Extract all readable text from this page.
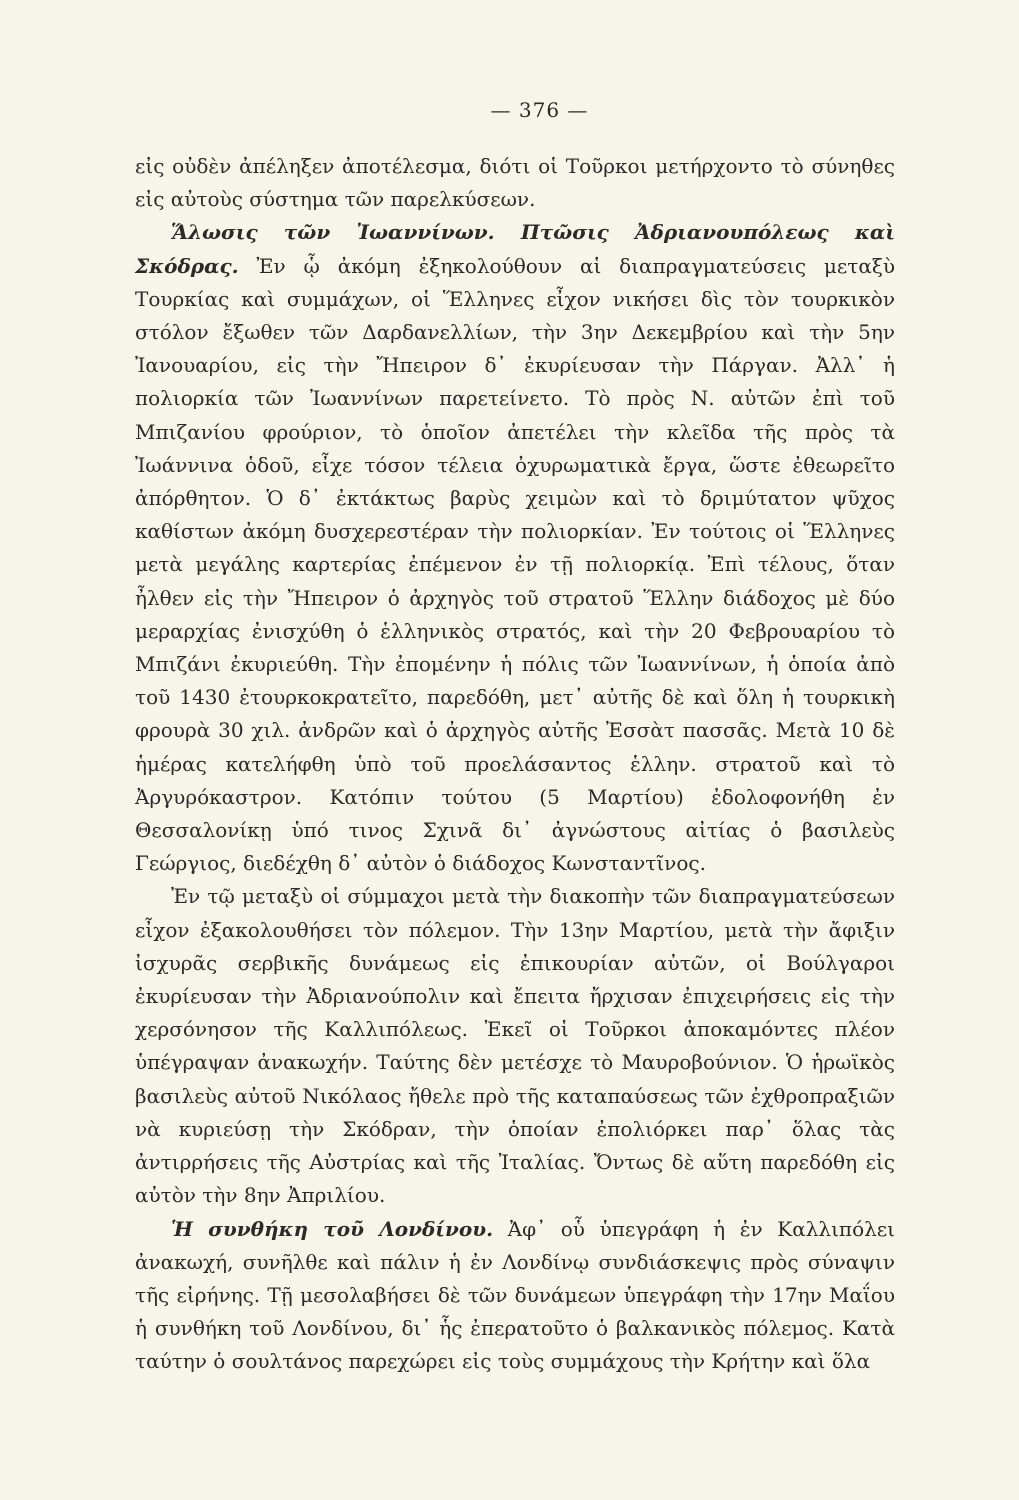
— 376 —

εἰς οὐδὲν ἀπέληξεν ἀποτέλεσμα, διότι οἱ Τοῦρκοι μετήρχοντο τὸ σύνηθες εἰς αὐτοὺς σύστημα τῶν παρελκύσεων.

Ἅλωσις τῶν Ἰωαννίνων. Πτῶσις Ἀδριανουπόλεως καὶ Σκόδρας. Ἐν ᾧ ἀκόμη ἐξηκολούθουν αἱ διαπραγματεύσεις μεταξὺ Τουρκίας καὶ συμμάχων, οἱ Ἕλληνες εἶχον νικήσει δὶς τὸν τουρκικὸν στόλον ἔξωθεν τῶν Δαρδανελλίων, τὴν 3ην Δεκεμβρίου καὶ τὴν 5ην Ἰανουαρίου, εἰς τὴν Ἤπειρον δ᾽ ἐκυρίευσαν τὴν Πάργαν. Ἀλλ᾽ ἡ πολιορκία τῶν Ἰωαννίνων παρετείνετο. Τὸ πρὸς Ν. αὐτῶν ἐπὶ τοῦ Μπιζανίου φρούριον, τὸ ὁποῖον ἀπετέλει τὴν κλεῖδα τῆς πρὸς τὰ Ἰωάννινα ὁδοῦ, εἶχε τόσον τέλεια ὀχυρωματικὰ ἔργα, ὥστε ἐθεωρεῖτο ἀπόρθητον. Ὁ δ᾽ ἐκτάκτως βαρὺς χειμὼν καὶ τὸ δριμύτατον ψῦχος καθίστων ἀκόμη δυσχερεστέραν τὴν πολιορκίαν. Ἐν τούτοις οἱ Ἕλληνες μετὰ μεγάλης καρτερίας ἐπέμενον ἐν τῇ πολιορκίᾳ. Ἐπὶ τέλους, ὅταν ἦλθεν εἰς τὴν Ἤπειρον ὁ ἀρχηγὸς τοῦ στρατοῦ Ἕλλην διάδοχος μὲ δύο μεραρχίας ἐνισχύθη ὁ ἑλληνικὸς στρατός, καὶ τὴν 20 Φεβρουαρίου τὸ Μπιζάνι ἐκυριεύθη. Τὴν ἐπομένην ἡ πόλις τῶν Ἰωαννίνων, ἡ ὁποία ἀπὸ τοῦ 1430 ἐτουρκοκρατεῖτο, παρεδόθη, μετ᾽ αὐτῆς δὲ καὶ ὅλη ἡ τουρκικὴ φρουρὰ 30 χιλ. ἀνδρῶν καὶ ὁ ἀρχηγὸς αὐτῆς Ἐσσὰτ πασσᾶς. Μετὰ 10 δὲ ἡμέρας κατελήφθη ὑπὸ τοῦ προελάσαντος ἑλλην. στρατοῦ καὶ τὸ Ἀργυρόκαστρον. Κατόπιν τούτου (5 Μαρτίου) ἐδολοφονήθη ἐν Θεσσαλονίκῃ ὑπό τινος Σχινᾶ δι᾽ ἀγνώστους αἰτίας ὁ βασιλεὺς Γεώργιος, διεδέχθη δ᾽ αὐτὸν ὁ διάδοχος Κωνσταντῖνος.

Ἐν τῷ μεταξὺ οἱ σύμμαχοι μετὰ τὴν διακοπὴν τῶν διαπραγματεύσεων εἶχον ἐξακολουθήσει τὸν πόλεμον. Τὴν 13ην Μαρτίου, μετὰ τὴν ἄφιξιν ἰσχυρᾶς σερβικῆς δυνάμεως εἰς ἐπικουρίαν αὐτῶν, οἱ Βούλγαροι ἐκυρίευσαν τὴν Ἀδριανούπολιν καὶ ἔπειτα ἤρχισαν ἐπιχειρήσεις εἰς τὴν χερσόνησον τῆς Καλλιπόλεως. Ἐκεῖ οἱ Τοῦρκοι ἀποκαμόντες πλέον ὑπέγραψαν ἀνακωχήν. Ταύτης δὲν μετέσχε τὸ Μαυροβούνιον. Ὁ ἡρωϊκὸς βασιλεὺς αὐτοῦ Νικόλαος ἤθελε πρὸ τῆς καταπαύσεως τῶν ἐχθροπραξιῶν νὰ κυριεύσῃ τὴν Σκόδραν, τὴν ὁποίαν ἐπολιόρκει παρ᾽ ὅλας τὰς ἀντιρρήσεις τῆς Αὐστρίας καὶ τῆς Ἰταλίας. Ὄντως δὲ αὕτη παρεδόθη εἰς αὐτὸν τὴν 8ην Ἀπριλίου.

Ἡ συνθήκη τοῦ Λονδίνου. Ἀφ᾽ οὗ ὑπεγράφη ἡ ἐν Καλλιπόλει ἀνακωχή, συνῆλθε καὶ πάλιν ἡ ἐν Λονδίνῳ συνδιάσκεψις πρὸς σύναψιν τῆς εἰρήνης. Τῇ μεσολαβήσει δὲ τῶν δυνάμεων ὑπεγράφη τὴν 17ην Μαΐου ἡ συνθήκη τοῦ Λονδίνου, δι᾽ ἧς ἐπερατοῦτο ὁ βαλκανικὸς πόλεμος. Κατὰ ταύτην ὁ σουλτάνος παρεχώρει εἰς τοὺς συμμάχους τὴν Κρήτην καὶ ὅλα
